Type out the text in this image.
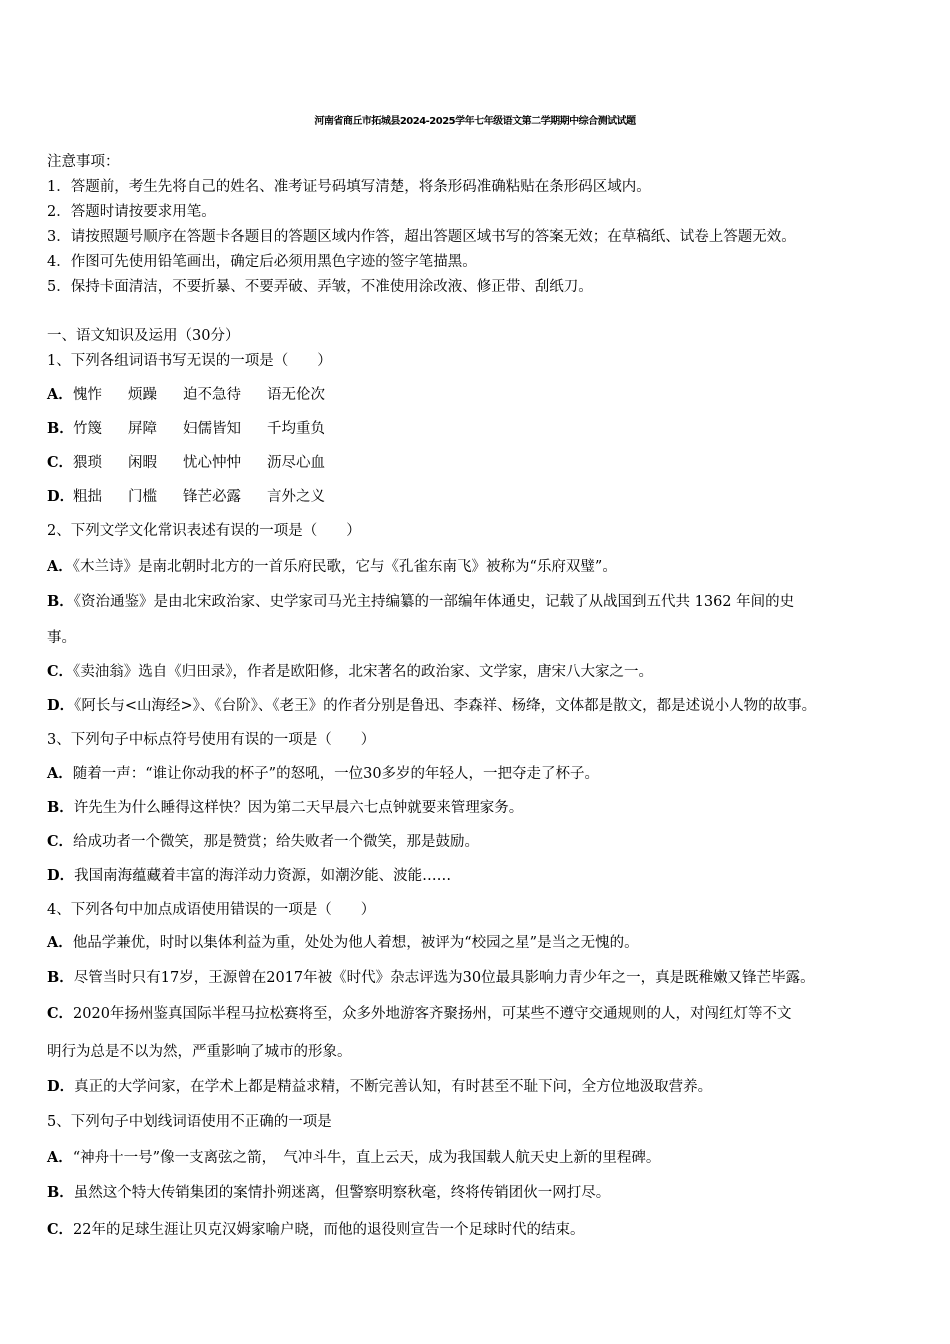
河南省商丘市拓城县2024-2025学年七年级语文第二学期期中综合测试试题
注意事项：
1．答题前，考生先将自己的姓名、准考证号码填写清楚，将条形码准确粘贴在条形码区域内。
2．答题时请按要求用笔。
3．请按照题号顺序在答题卡各题目的答题区域内作答，超出答题区域书写的答案无效；在草稿纸、试卷上答题无效。
4．作图可先使用铅笔画出，确定后必须用黑色字迹的签字笔描黑。
5．保持卡面清洁，不要折暴、不要弄破、弄皱，不准使用涂改液、修正带、刮纸刀。
一、语文知识及运用（30分）
1、下列各组词语书写无误的一项是（　　）
A．愧怍 烦躁 迫不急待 语无伦次
B．竹篾 屏障 妇儒皆知 千均重负
C．猥琐 闲暇 忧心忡忡 沥尽心血
D．粗拙 门槛 锋芒必露 言外之义
2、下列文学文化常识表述有误的一项是（　　）
A．《木兰诗》是南北朝时北方的一首乐府民歌，它与《孔雀东南飞》被称为“乐府双璧”。
B．《资治通鉴》是由北宋政治家、史学家司马光主持编纂的一部编年体通史，记载了从战国到五代共 1362 年间的史
事。
C．《卖油翁》选自《归田录》，作者是欧阳修，北宋著名的政治家、文学家，唐宋八大家之一。
D．《阿长与<山海经>》、《台阶》、《老王》的作者分别是鲁迅、李森祥、杨绛，文体都是散文，都是述说小人物的故事。
3、下列句子中标点符号使用有误的一项是（　　）
A．随着一声：“谁让你动我的杯子”的怒吼，一位30多岁的年轻人，一把夺走了杯子。
B．许先生为什么睡得这样快？因为第二天早晨六七点钟就要来管理家务。
C．给成功者一个微笑，那是赞赏；给失败者一个微笑，那是鼓励。
D．我国南海蕴藏着丰富的海洋动力资源，如潮汐能、波能……
4、下列各句中加点成语使用错误的一项是（　　）
A．他品学兼优，时时以集体利益为重，处处为他人着想，被评为“校园之星”是当之无愧的。
B．尽管当时只有17岁，王源曾在2017年被《时代》杂志评选为30位最具影响力青少年之一，真是既稚嫩又锋芒毕露。
C．2020年扬州鉴真国际半程马拉松赛将至，众多外地游客齐聚扬州，可某些不遵守交通规则的人，对闯红灯等不文
明行为总是不以为然，严重影响了城市的形象。
D．真正的大学问家，在学术上都是精益求精，不断完善认知，有时甚至不耻下问，全方位地汲取营养。
5、下列句子中划线词语使用不正确的一项是
A．“神舟十一号”像一支离弦之箭，　气冲斗牛，直上云天，成为我国载人航天史上新的里程碑。
B．虽然这个特大传销集团的案情扑朔迷离，但警察明察秋毫，终将传销团伙一网打尽。
C．22年的足球生涯让贝克汉姆家喻户晓，而他的退役则宣告一个足球时代的结束。
